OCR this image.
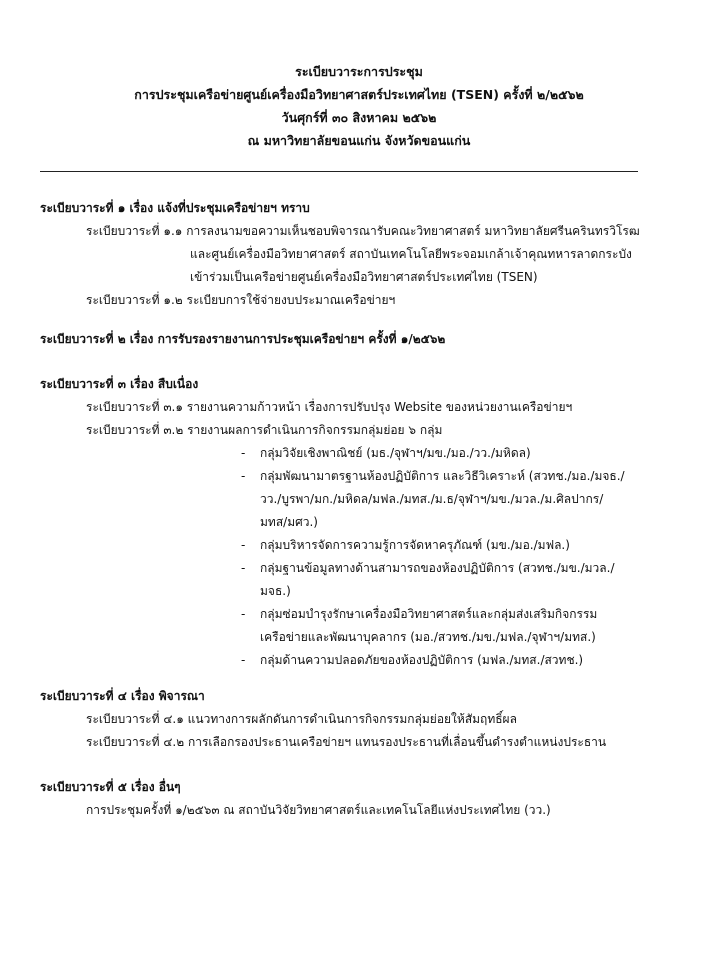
ระเบียบวาระการประชุม
การประชุมเครือข่ายศูนย์เครื่องมือวิทยาศาสตร์ประเทศไทย (TSEN) ครั้งที่ ๒/๒๕๖๒
วันศุกร์ที่ ๓๐ สิงหาคม ๒๕๖๒
ณ มหาวิทยาลัยขอนแก่น จังหวัดขอนแก่น
ระเบียบวาระที่ ๑ เรื่อง แจ้งที่ประชุมเครือข่ายฯ ทราบ
ระเบียบวาระที่ ๑.๑ การลงนามขอความเห็นชอบพิจารณารับคณะวิทยาศาสตร์ มหาวิทยาลัยศรีนครินทรวิโรฒ
และศูนย์เครื่องมือวิทยาศาสตร์ สถาบันเทคโนโลยีพระจอมเกล้าเจ้าคุณทหารลาดกระบัง
เข้าร่วมเป็นเครือข่ายศูนย์เครื่องมือวิทยาศาสตร์ประเทศไทย (TSEN)
ระเบียบวาระที่ ๑.๒ ระเบียบการใช้จ่ายงบประมาณเครือข่ายฯ
ระเบียบวาระที่ ๒ เรื่อง การรับรองรายงานการประชุมเครือข่ายฯ ครั้งที่ ๑/๒๕๖๒
ระเบียบวาระที่ ๓ เรื่อง สืบเนื่อง
ระเบียบวาระที่ ๓.๑ รายงานความก้าวหน้า เรื่องการปรับปรุง Website ของหน่วยงานเครือข่ายฯ
ระเบียบวาระที่ ๓.๒ รายงานผลการดำเนินการกิจกรรมกลุ่มย่อย ๖ กลุ่ม
- กลุ่มวิจัยเชิงพาณิชย์ (มธ./จุฬาฯ/มข./มอ./วว./มหิดล)
- กลุ่มพัฒนามาตรฐานห้องปฏิบัติการ และวิธีวิเคราะห์ (สวทช./มอ./มจธ./
วว./บูรพา/มก./มหิดล/มฟล./มทส./ม.ธ/จุฬาฯ/มข./มวล./ม.ศิลปากร/
มทส/มศว.)
- กลุ่มบริหารจัดการความรู้การจัดหาครุภัณฑ์ (มข./มอ./มฟล.)
- กลุ่มฐานข้อมูลทางด้านสามารถของห้องปฏิบัติการ (สวทช./มข./มวล./
มจธ.)
- กลุ่มซ่อมบำรุงรักษาเครื่องมือวิทยาศาสตร์และกลุ่มส่งเสริมกิจกรรม
เครือข่ายและพัฒนาบุคลากร (มอ./สวทช./มข./มฟล./จุฬาฯ/มทส.)
- กลุ่มด้านความปลอดภัยของห้องปฏิบัติการ (มฟล./มทส./สวทช.)
ระเบียบวาระที่ ๔ เรื่อง พิจารณา
ระเบียบวาระที่ ๔.๑ แนวทางการผลักดันการดำเนินการกิจกรรมกลุ่มย่อยให้สัมฤทธิ์ผล
ระเบียบวาระที่ ๔.๒ การเลือกรองประธานเครือข่ายฯ แทนรองประธานที่เลื่อนขึ้นดำรงตำแหน่งประธาน
ระเบียบวาระที่ ๕ เรื่อง อื่นๆ
การประชุมครั้งที่ ๑/๒๕๖๓ ณ สถาบันวิจัยวิทยาศาสตร์และเทคโนโลยีแห่งประเทศไทย (วว.)
